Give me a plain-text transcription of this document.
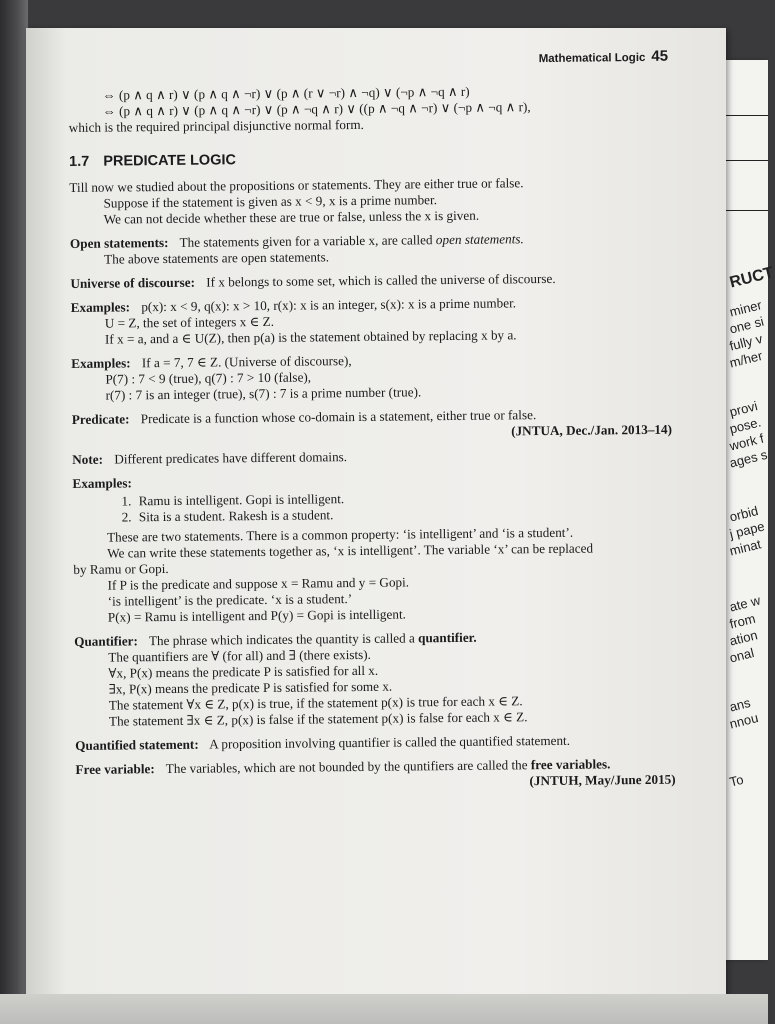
RUCT
miner
one si
fully v
m/her
provi
pose.
work f
ages s
orbid
j pape
minat
ate w
from
ation
onal
ans
nnou
To
Mathematical Logic 45

⇔ (p ∧ q ∧ r) ∨ (p ∧ q ∧ ¬r) ∨ (p ∧ (r ∨ ¬r) ∧ ¬q) ∨ (¬p ∧ ¬q ∧ r)

⇔ (p ∧ q ∧ r) ∨ (p ∧ q ∧ ¬r) ∨ (p ∧ ¬q ∧ r) ∨ ((p ∧ ¬q ∧ ¬r) ∨ (¬p ∧ ¬q ∧ r),

which is the required principal disjunctive normal form.

1.7 PREDICATE LOGIC

Till now we studied about the propositions or statements. They are either true or false.

Suppose if the statement is given as x < 9, x is a prime number.

We can not decide whether these are true or false, unless the x is given.

Open statements: The statements given for a variable x, are called open statements.

The above statements are open statements.

Universe of discourse: If x belongs to some set, which is called the universe of discourse.

Examples: p(x): x < 9, q(x): x > 10, r(x): x is an integer, s(x): x is a prime number.

U = Z, the set of integers x ∈ Z.

If x = a, and a ∈ U(Z), then p(a) is the statement obtained by replacing x by a.

Examples: If a = 7, 7 ∈ Z. (Universe of discourse),

P(7) : 7 < 9 (true), q(7) : 7 > 10 (false),

r(7) : 7 is an integer (true), s(7) : 7 is a prime number (true).

Predicate: Predicate is a function whose co-domain is a statement, either true or false.

(JNTUA, Dec./Jan. 2013–14)

Note: Different predicates have different domains.

Examples:

1. Ramu is intelligent. Gopi is intelligent.
2. Sita is a student. Rakesh is a student.

These are two statements. There is a common property: ‘is intelligent’ and ‘is a student’.

We can write these statements together as, ‘x is intelligent’. The variable ‘x’ can be replaced

by Ramu or Gopi.

If P is the predicate and suppose x = Ramu and y = Gopi.

‘is intelligent’ is the predicate. ‘x is a student.’

P(x) = Ramu is intelligent and P(y) = Gopi is intelligent.

Quantifier: The phrase which indicates the quantity is called a quantifier.

The quantifiers are ∀ (for all) and ∃ (there exists).

∀x, P(x) means the predicate P is satisfied for all x.

∃x, P(x) means the predicate P is satisfied for some x.

The statement ∀x ∈ Z, p(x) is true, if the statement p(x) is true for each x ∈ Z.

The statement ∃x ∈ Z, p(x) is false if the statement p(x) is false for each x ∈ Z.

Quantified statement: A proposition involving quantifier is called the quantified statement.

Free variable: The variables, which are not bounded by the quntifiers are called the free variables.

(JNTUH, May/June 2015)
